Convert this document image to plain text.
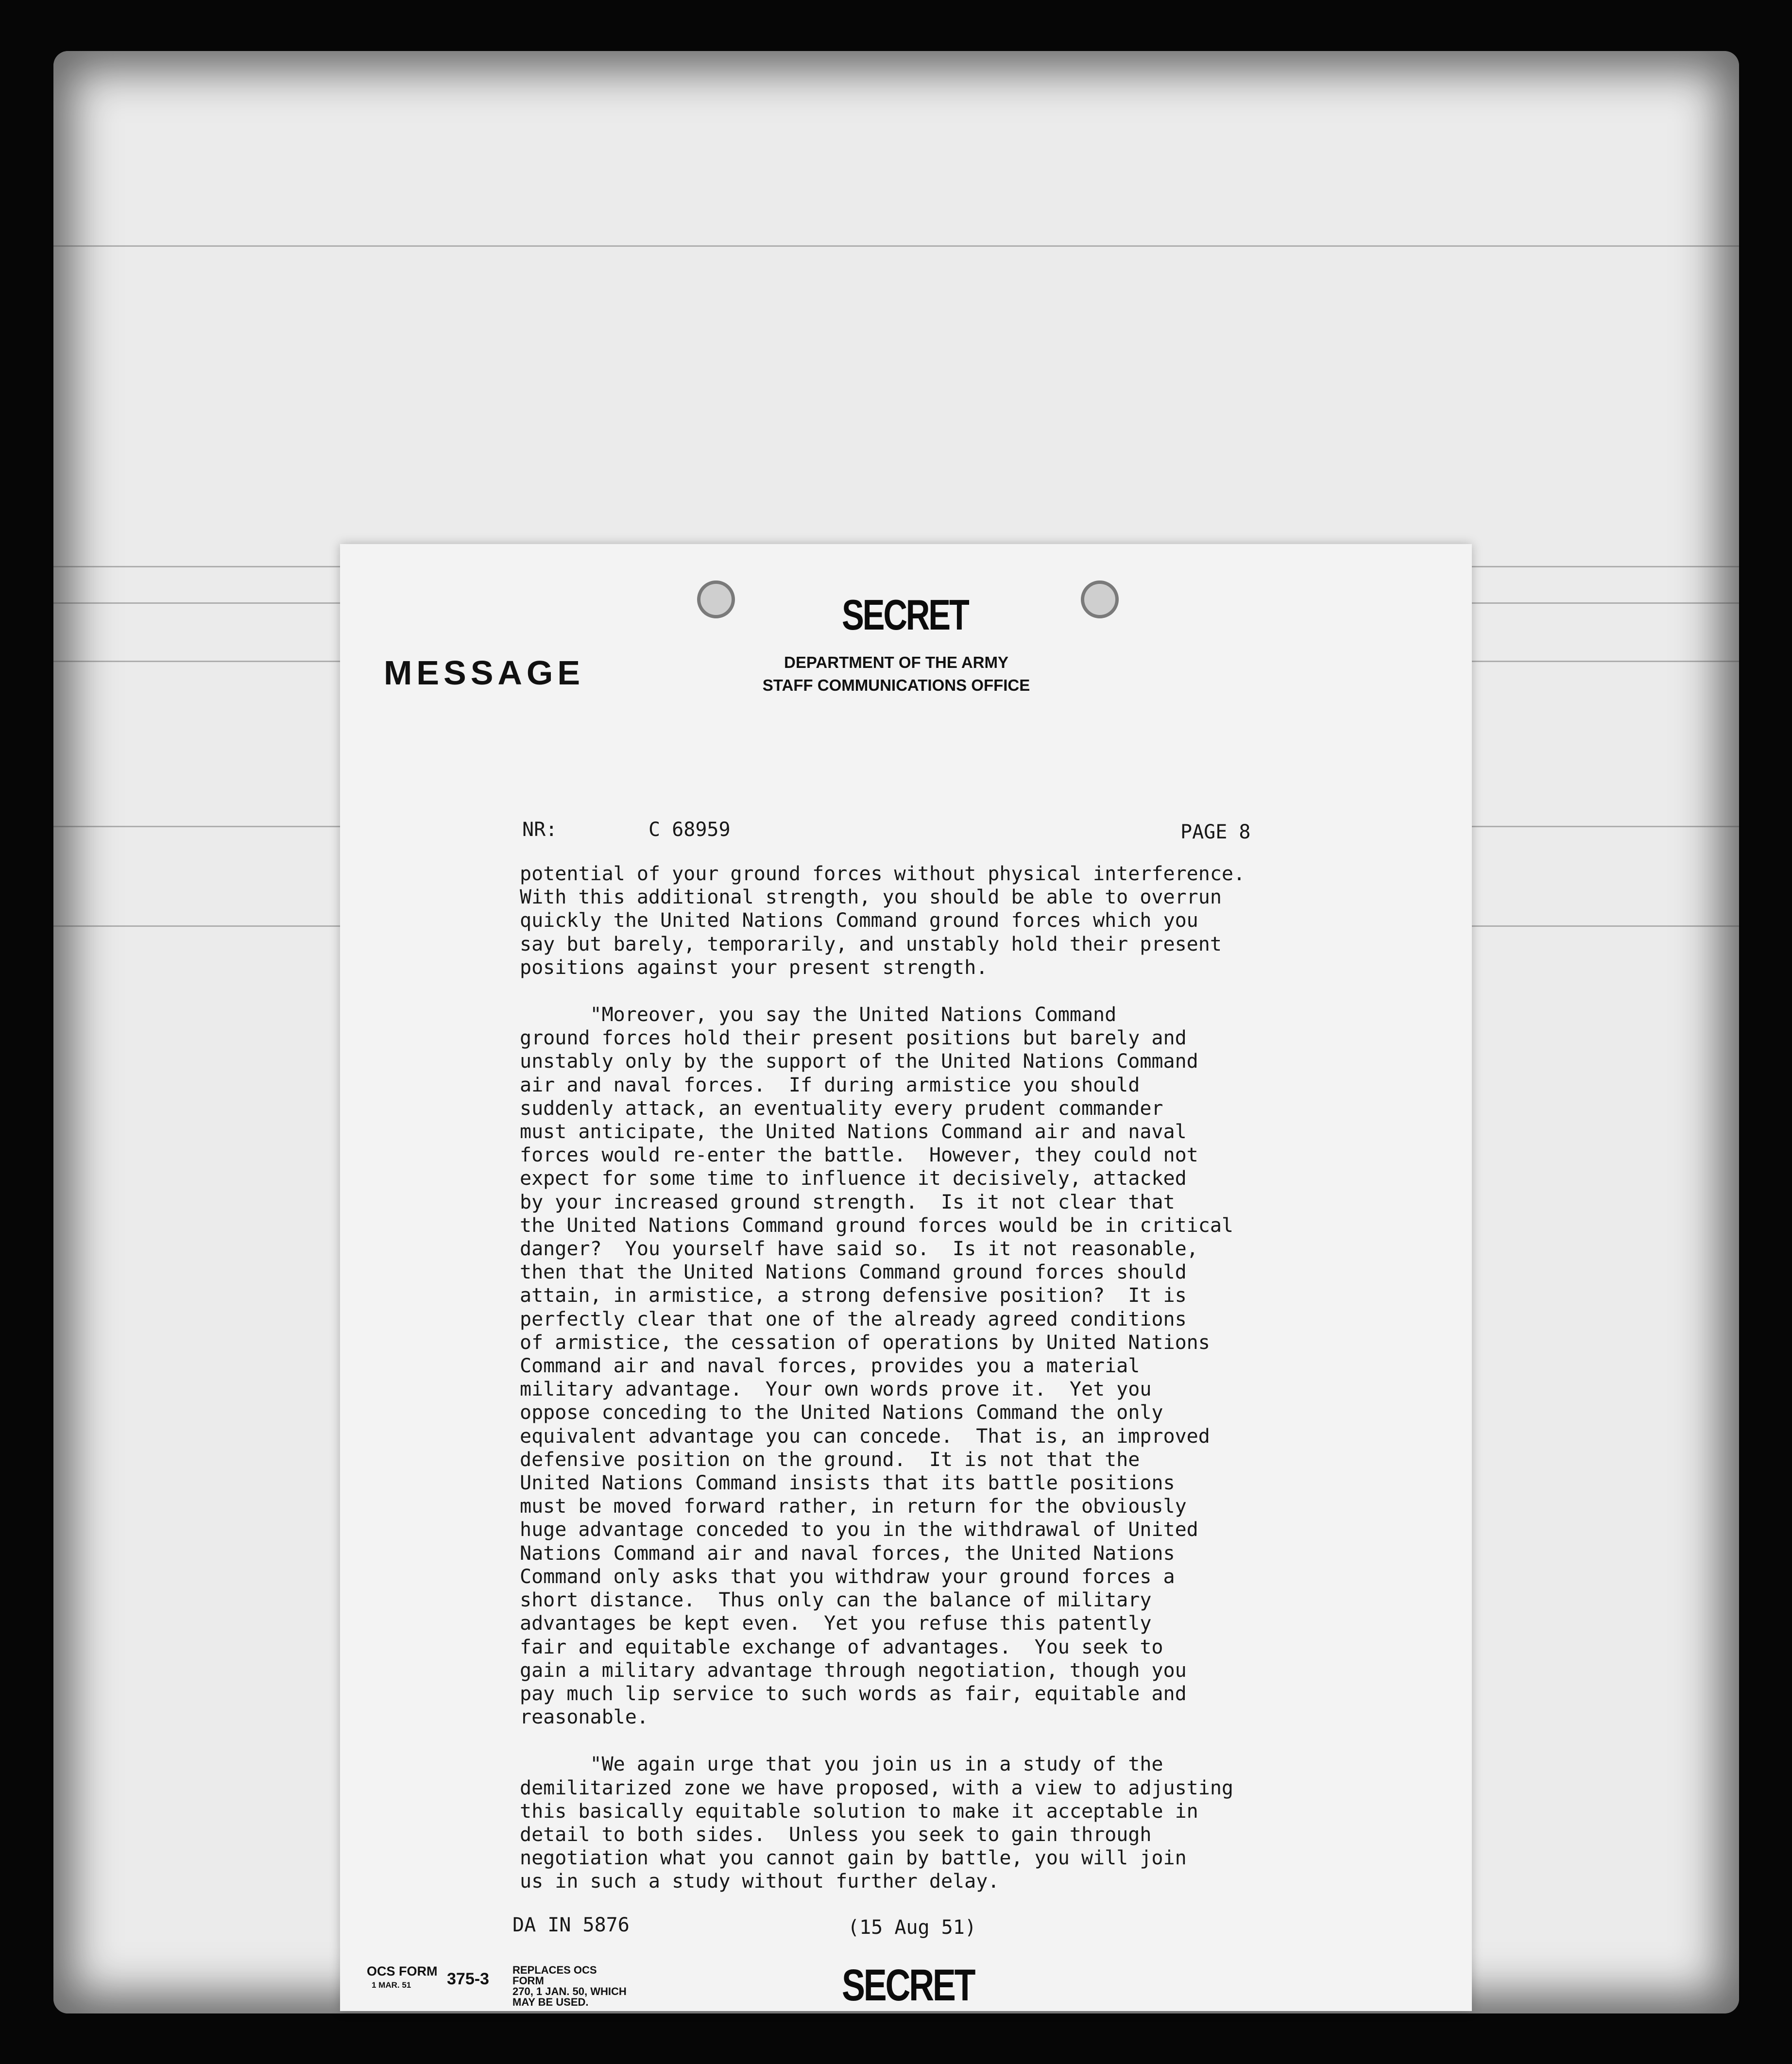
SECRET
MESSAGE	DEPARTMENT OF THE ARMY
STAFF COMMUNICATIONS OFFICE
NR:	C 68959	PAGE 8
potential of your ground forces without physical interference.
With this additional strength, you should be able to overrun
quickly the United Nations Command ground forces which you
say but barely, temporarily, and unstably hold their present
positions against your present strength.
"Moreover, you say the United Nations Command
ground forces hold their present positions but barely and
unstably only by the support of the United Nations Command
air and naval forces.  If during armistice you should
suddenly attack, an eventuality every prudent commander
must anticipate, the United Nations Command air and naval
forces would re-enter the battle.  However, they could not
expect for some time to influence it decisively, attacked
by your increased ground strength.  Is it not clear that
the United Nations Command ground forces would be in critical
danger?  You yourself have said so.  Is it not reasonable,
then that the United Nations Command ground forces should
attain, in armistice, a strong defensive position?  It is
perfectly clear that one of the already agreed conditions
of armistice, the cessation of operations by United Nations
Command air and naval forces, provides you a material
military advantage.  Your own words prove it.  Yet you
oppose conceding to the United Nations Command the only
equivalent advantage you can concede.  That is, an improved
defensive position on the ground.  It is not that the
United Nations Command insists that its battle positions
must be moved forward rather, in return for the obviously
huge advantage conceded to you in the withdrawal of United
Nations Command air and naval forces, the United Nations
Command only asks that you withdraw your ground forces a
short distance.  Thus only can the balance of military
advantages be kept even.  Yet you refuse this patently
fair and equitable exchange of advantages.  You seek to
gain a military advantage through negotiation, though you
pay much lip service to such words as fair, equitable and
reasonable.
"We again urge that you join us in a study of the
demilitarized zone we have proposed, with a view to adjusting
this basically equitable solution to make it acceptable in
detail to both sides.  Unless you seek to gain through
negotiation what you cannot gain by battle, you will join
us in such a study without further delay.
DA IN 5876	(15 Aug 51)
OCS FORM
1 MAR. 51	375-3 REPLACES OCS FORM
270, 1 JAN. 50, WHICH
MAY BE USED.	SECRET
